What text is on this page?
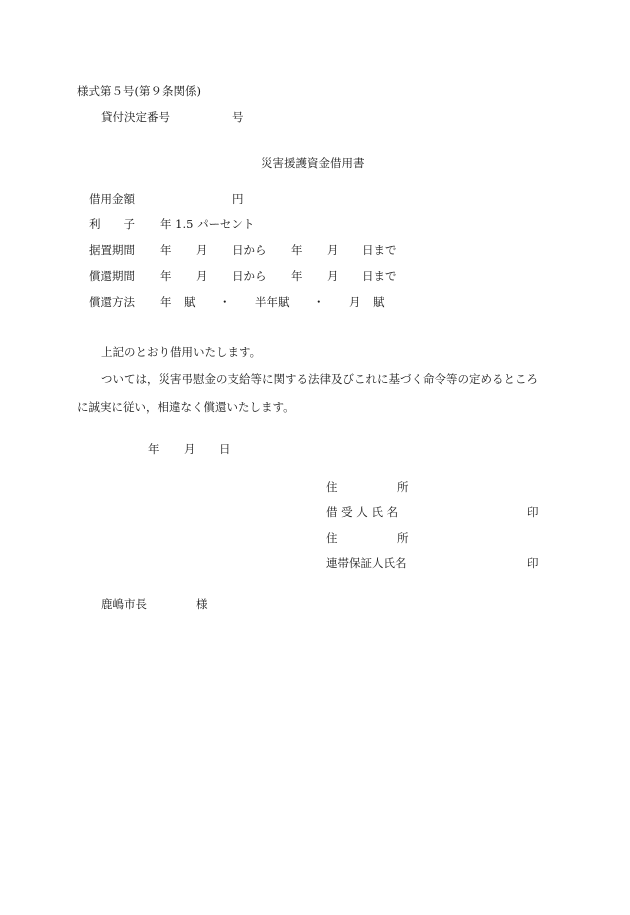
様式第５号(第９条関係)
貸付決定番号	号
災害援護資金借用書
借用金額	円
利　　子 年 1.5 パーセント
据置期間 年 月 日から 年 月 日まで
償還期間 年 月 日から 年 月 日まで
償還方法 年 賦 ・ 半年賦 ・ 月 賦
上記のとおり借用いたします。
ついては，災害弔慰金の支給等に関する法律及びこれに基づく命令等の定めるところ
に誠実に従い，相違なく償還いたします。
年 月 日
住	所
借 受 人 氏 名	印
住	所
連帯保証人氏名	印
鹿嶋市長	様
